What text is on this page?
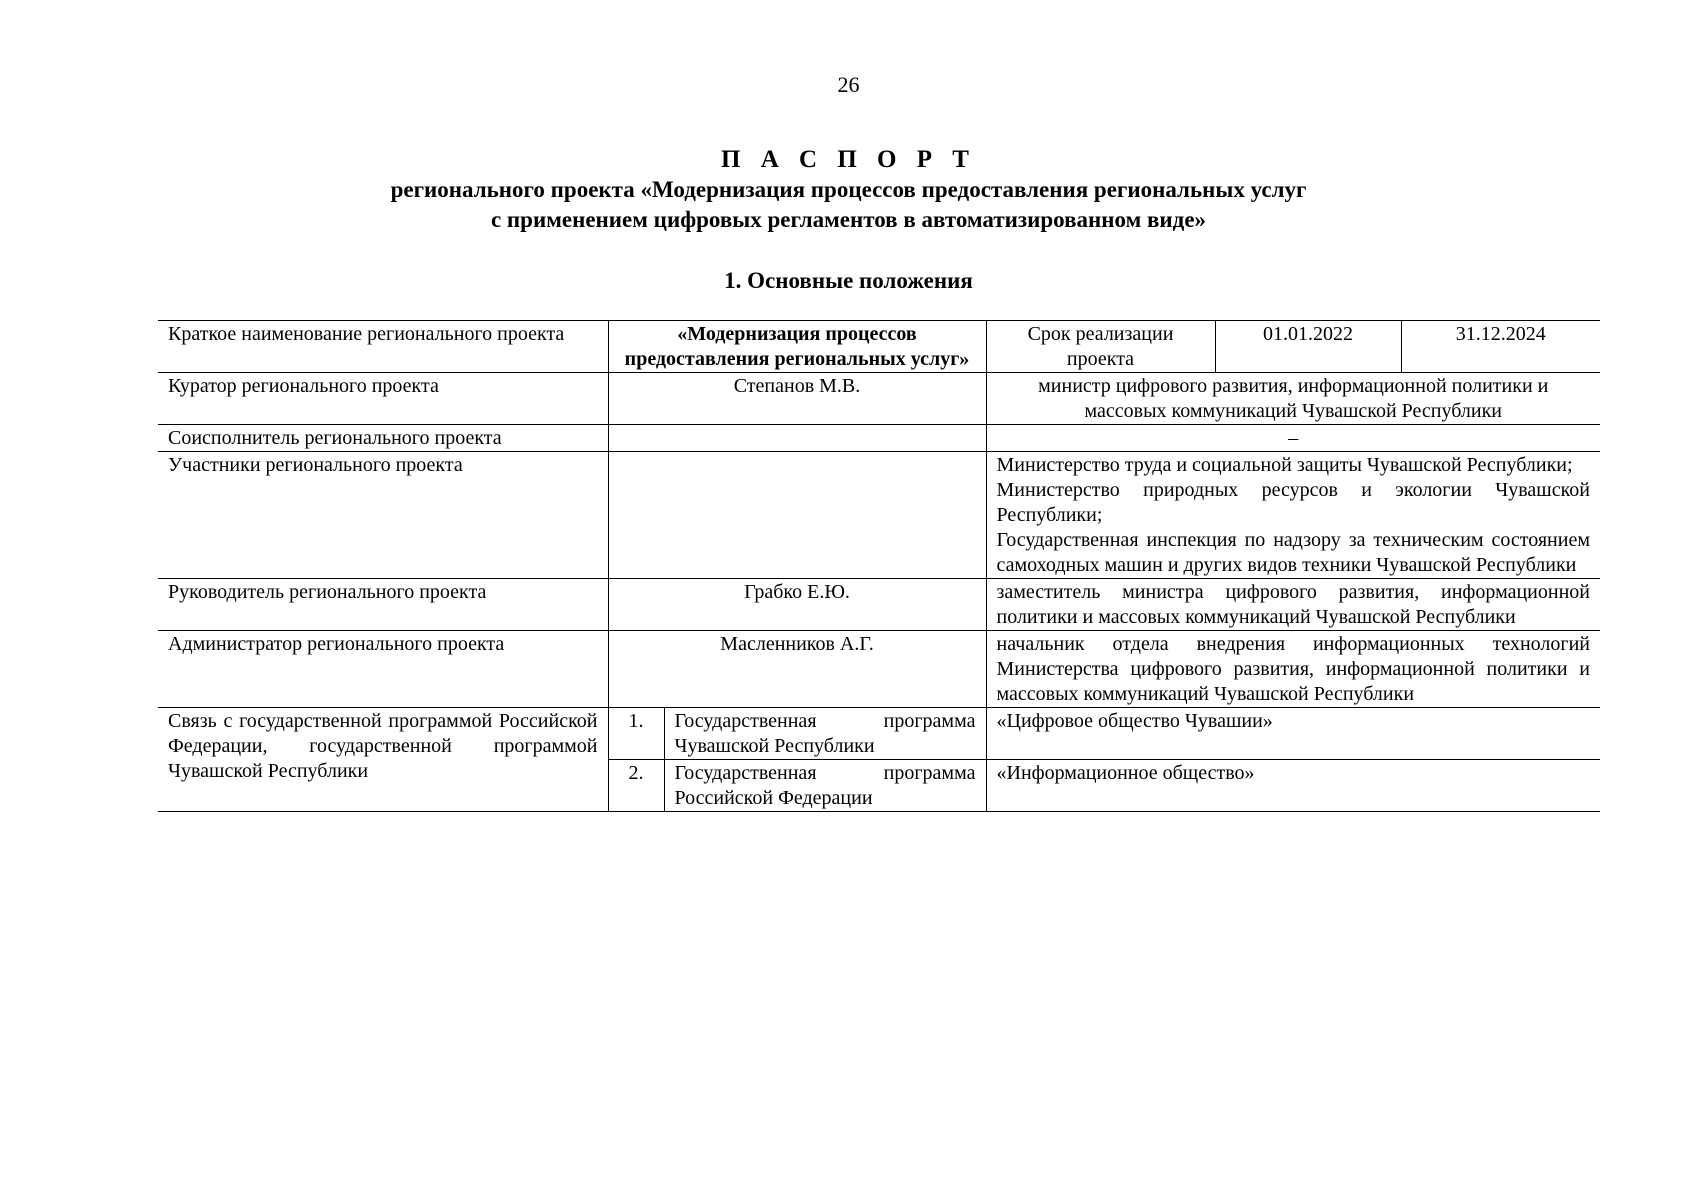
26
П А С П О Р Т
регионального проекта «Модернизация процессов предоставления региональных услуг
с применением цифровых регламентов в автоматизированном виде»
1. Основные положения
Краткое наименование регионального проекта	«Модернизация процессов предоставления региональных услуг»		Срок реализации проекта	01.01.2022	31.12.2024
Куратор регионального проекта	Степанов М.В.		министр цифрового развития, информационной политики и массовых коммуникаций Чувашской Республики		
Соисполнитель регионального проекта			–		
Участники регионального проекта			Министерство труда и социальной защиты Чувашской Республики;
Министерство природных ресурсов и экологии Чувашской Республики;
Государственная инспекция по надзору за техническим состоянием самоходных машин и других видов техники Чувашской Республики		

Руководитель регионального проекта	Грабко Е.Ю.		заместитель министра цифрового развития, информационной политики и массовых коммуникаций Чувашской Республики		
Администратор регионального проекта	Масленников А.Г.		начальник отдела внедрения информационных технологий Министерства цифрового развития, информационной политики и массовых коммуникаций Чувашской Республики		
Связь с государственной программой Российской Федерации, государственной программой Чувашской Республики	1.	Государственная программа Чувашской Республики	«Цифровое общество Чувашии»		
	2.	Государственная программа Российской Федерации	«Информационное общество»		
